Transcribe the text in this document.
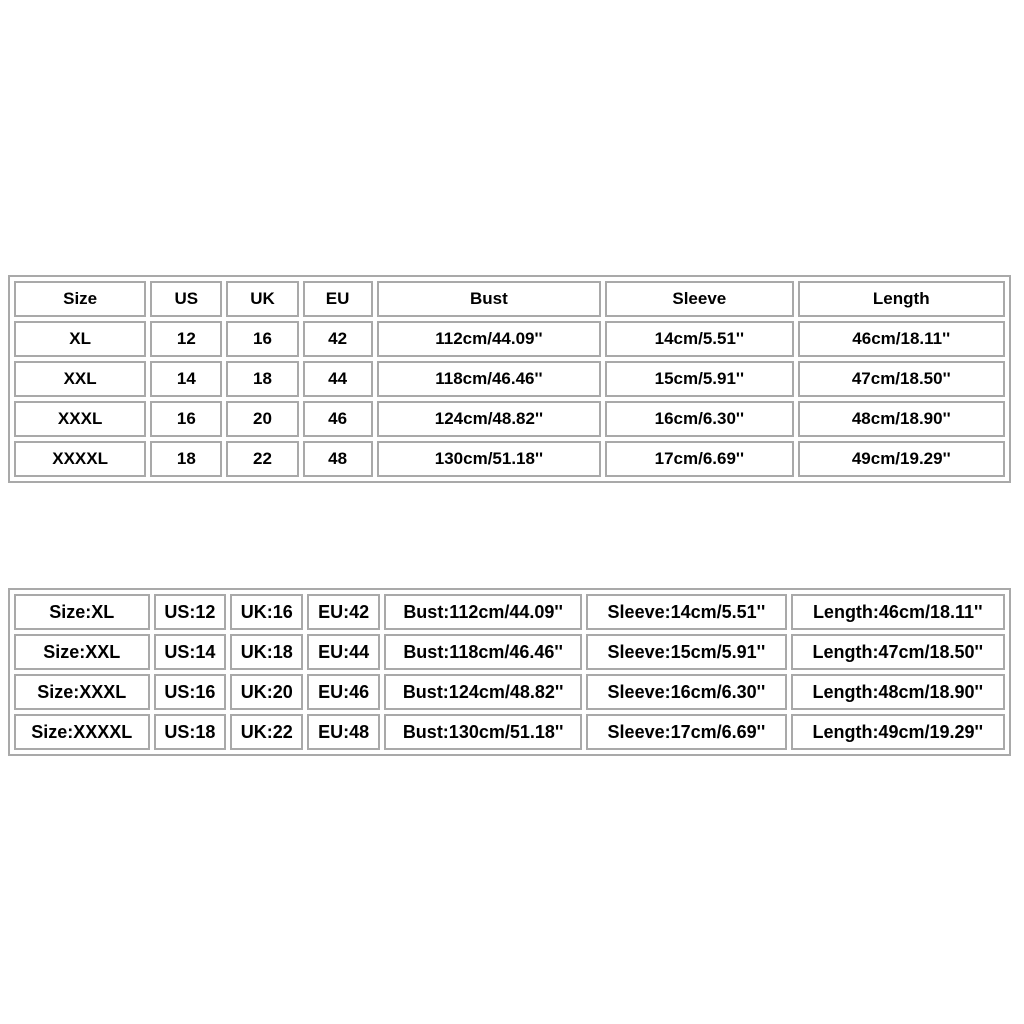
Size	US	UK	EU	Bust	Sleeve	Length
XL	12	16	42	112cm/44.09''	14cm/5.51''	46cm/18.11''
XXL	14	18	44	118cm/46.46''	15cm/5.91''	47cm/18.50''
XXXL	16	20	46	124cm/48.82''	16cm/6.30''	48cm/18.90''
XXXXL	18	22	48	130cm/51.18''	17cm/6.69''	49cm/19.29''
Size:XL	US:12	UK:16	EU:42	Bust:112cm/44.09''	Sleeve:14cm/5.51''	Length:46cm/18.11''
Size:XXL	US:14	UK:18	EU:44	Bust:118cm/46.46''	Sleeve:15cm/5.91''	Length:47cm/18.50''
Size:XXXL	US:16	UK:20	EU:46	Bust:124cm/48.82''	Sleeve:16cm/6.30''	Length:48cm/18.90''
Size:XXXXL	US:18	UK:22	EU:48	Bust:130cm/51.18''	Sleeve:17cm/6.69''	Length:49cm/19.29''
